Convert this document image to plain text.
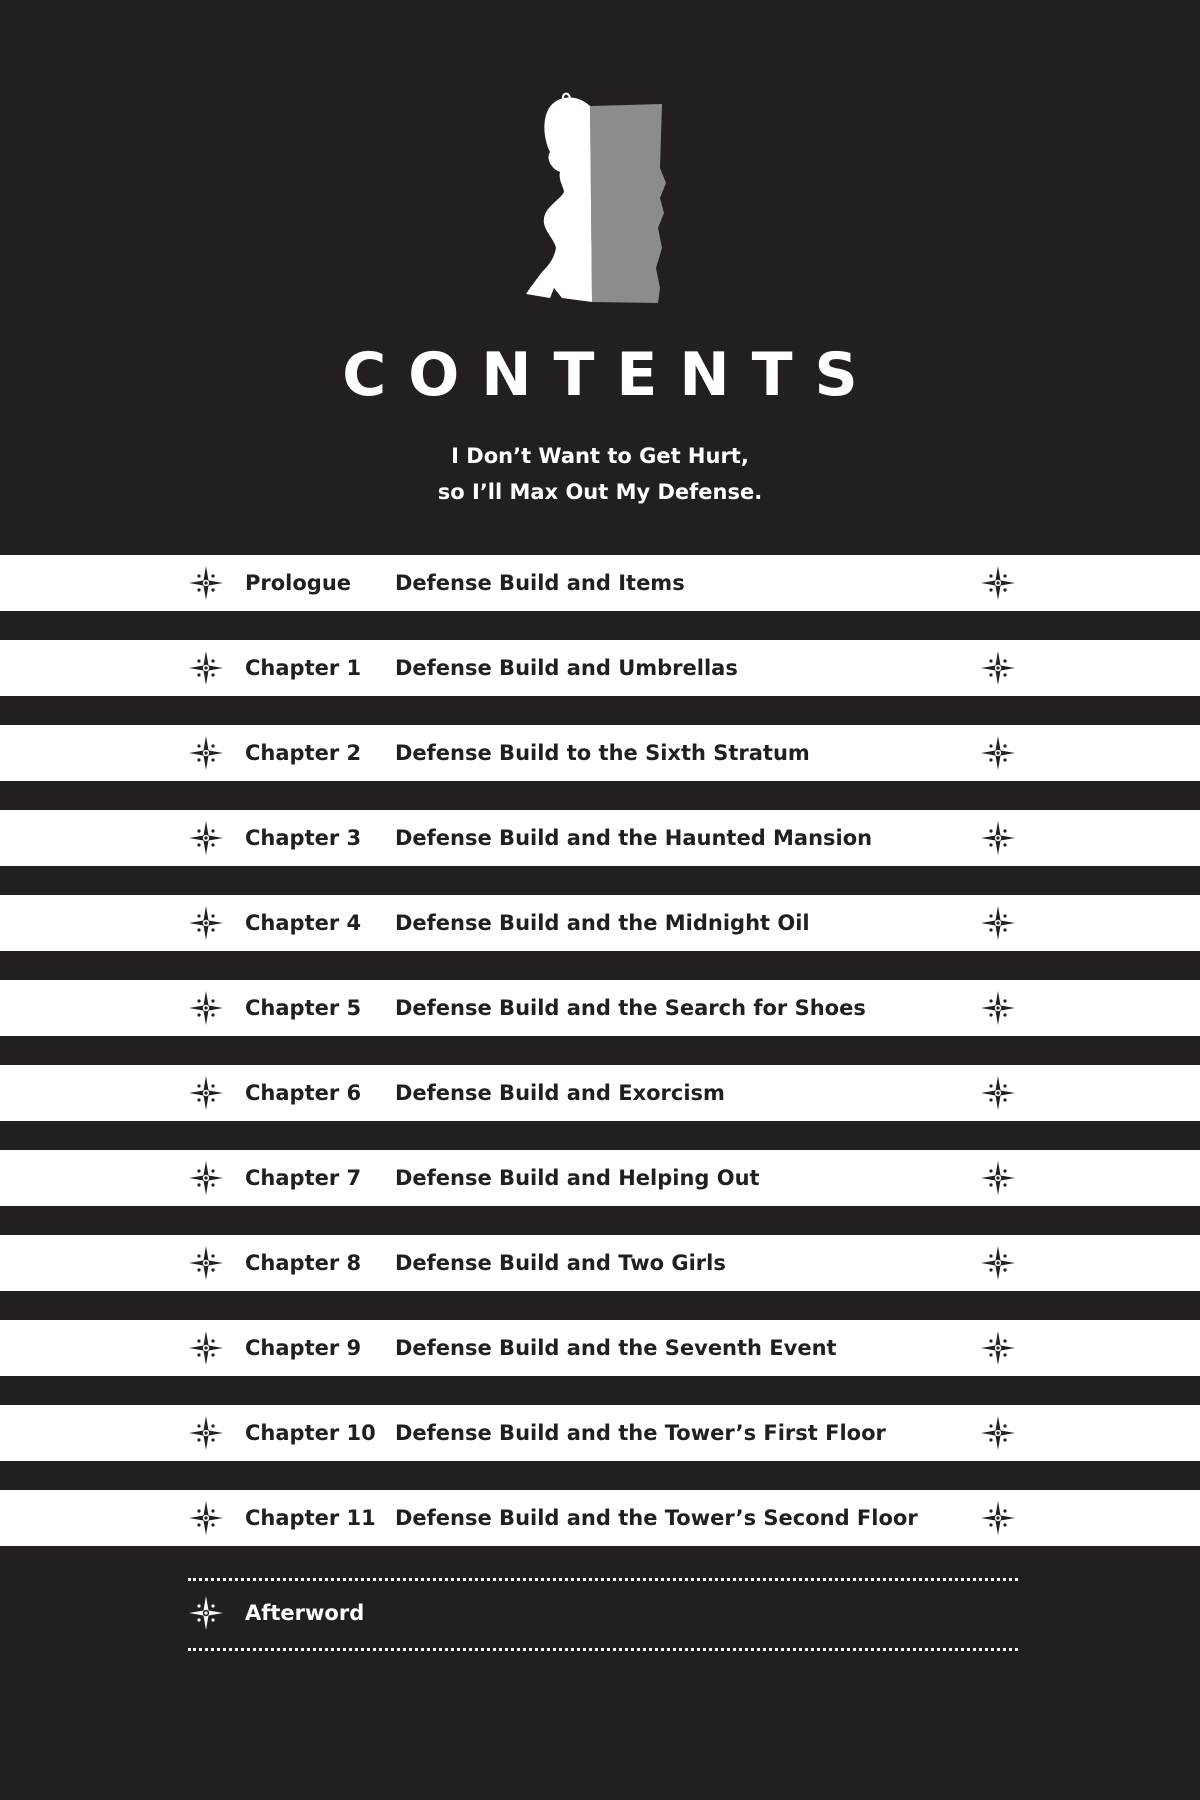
CONTENTS
I Don’t Want to Get Hurt,
so I’ll Max Out My Defense.
Prologue Defense Build and Items
Chapter 1 Defense Build and Umbrellas
Chapter 2 Defense Build to the Sixth Stratum
Chapter 3 Defense Build and the Haunted Mansion
Chapter 4 Defense Build and the Midnight Oil
Chapter 5 Defense Build and the Search for Shoes
Chapter 6 Defense Build and Exorcism
Chapter 7 Defense Build and Helping Out
Chapter 8 Defense Build and Two Girls
Chapter 9 Defense Build and the Seventh Event
Chapter 10 Defense Build and the Tower’s First Floor
Chapter 11 Defense Build and the Tower’s Second Floor
Afterword
